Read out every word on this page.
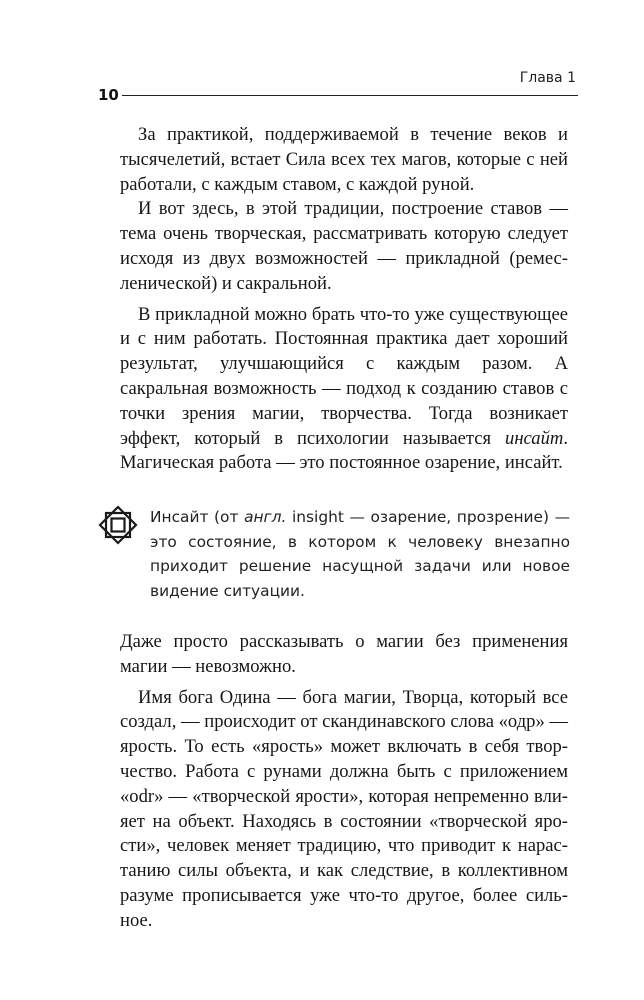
Глава 1
10

За практикой, поддерживаемой в течение веков и тысячелетий, встает Сила всех тех магов, которые с ней работали, с каждым ставом, с каждой руной.

И вот здесь, в этой традиции, построение ставов — тема очень творческая, рассматривать которую следует исходя из двух возможностей — прикладной (ремесленической) и сакральной.

В прикладной можно брать что-то уже существующее и с ним работать. Постоянная практика дает хороший результат, улучшающийся с каждым разом. А сакральная возможность — подход к созданию ставов с точки зрения магии, творчества. Тогда возникает эффект, который в психологии называется инсайт. Магическая работа — это постоянное озарение, инсайт.

Инсайт (от англ. insight — озарение, прозрение) — это состояние, в котором к человеку внезапно приходит решение насущной задачи или новое видение ситуации.

Даже просто рассказывать о магии без применения магии — невозможно.

Имя бога Одина — бога магии, Творца, который все создал, — происходит от скандинавского слова «одр» — ярость. То есть «ярость» может включать в себя творчество. Работа с рунами должна быть с приложением «odr» — «творческой ярости», которая непременно влияет на объект. Находясь в состоянии «творческой ярости», человек меняет традицию, что приводит к нарастанию силы объекта, и как следствие, в коллективном разуме прописывается уже что-то другое, более сильное.
